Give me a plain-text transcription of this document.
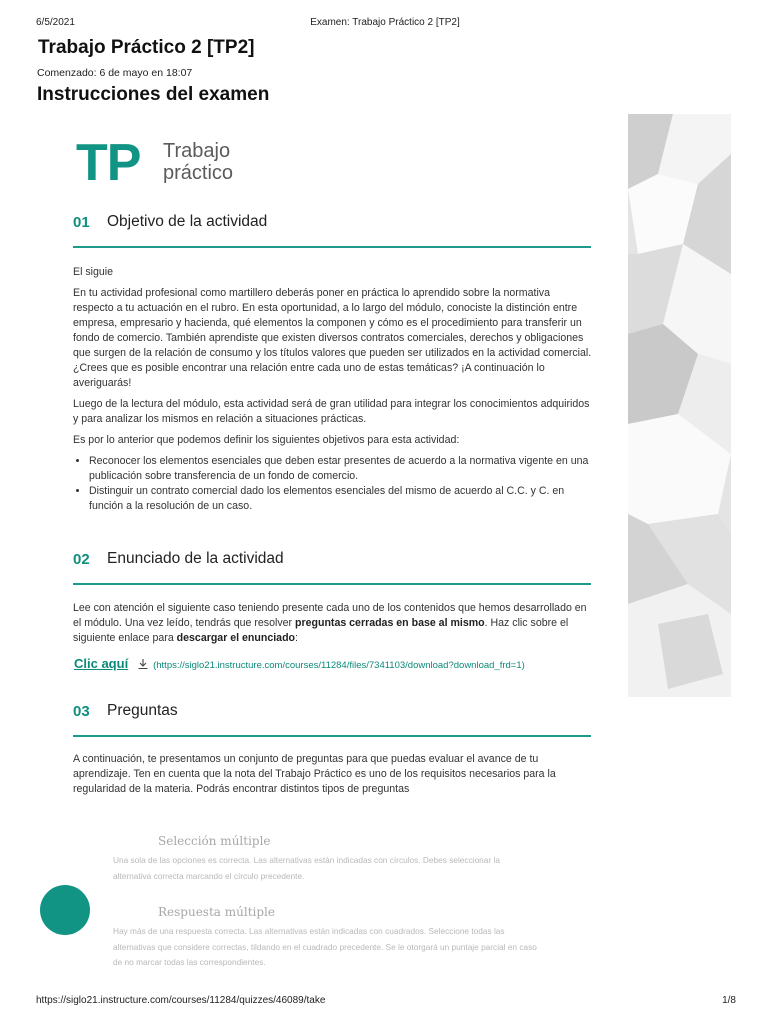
6/5/2021	Examen: Trabajo Práctico 2 [TP2]
Trabajo Práctico 2 [TP2]
Comenzado: 6 de mayo en 18:07
Instrucciones del examen
TP Trabajo
práctico
01 Objetivo de la actividad

El siguie

En tu actividad profesional como martillero deberás poner en práctica lo aprendido sobre la normativa respecto a tu actuación en el rubro. En esta oportunidad, a lo largo del módulo, conociste la distinción entre empresa, empresario y hacienda, qué elementos la componen y cómo es el procedimiento para transferir un fondo de comercio. También aprendiste que existen diversos contratos comerciales, derechos y obligaciones que surgen de la relación de consumo y los títulos valores que pueden ser utilizados en la actividad comercial. ¿Crees que es posible encontrar una relación entre cada uno de estas temáticas? ¡A continuación lo averiguarás!

Luego de la lectura del módulo, esta actividad será de gran utilidad para integrar los conocimientos adquiridos y para analizar los mismos en relación a situaciones prácticas.

Es por lo anterior que podemos definir los siguientes objetivos para esta actividad:

• Reconocer los elementos esenciales que deben estar presentes de acuerdo a la normativa vigente en una publicación sobre transferencia de un fondo de comercio.
• Distinguir un contrato comercial dado los elementos esenciales del mismo de acuerdo al C.C. y C. en función a la resolución de un caso.
02 Enunciado de la actividad

Lee con atención el siguiente caso teniendo presente cada uno de los contenidos que hemos desarrollado en el módulo. Una vez leído, tendrás que resolver preguntas cerradas en base al mismo. Haz clic sobre el siguiente enlace para descargar el enunciado:

Clic aquí	(https://siglo21.instructure.com/courses/11284/files/7341103/download?download_frd=1)
03 Preguntas

A continuación, te presentamos un conjunto de preguntas para que puedas evaluar el avance de tu aprendizaje. Ten en cuenta que la nota del Trabajo Práctico es uno de los requisitos necesarios para la regularidad de la materia. Podrás encontrar distintos tipos de preguntas

Selección múltiple
Una sola de las opciones es correcta. Las alternativas están indicadas con círculos. Debes seleccionar la alternativa correcta marcando el círculo precedente.
Respuesta múltiple
Hay más de una respuesta correcta. Las alternativas están indicadas con cuadrados. Seleccione todas las alternativas que considere correctas, tildando en el cuadrado precedente. Se le otorgará un puntaje parcial en caso de no marcar todas las correspondientes.
https://siglo21.instructure.com/courses/11284/quizzes/46089/take	1/8
